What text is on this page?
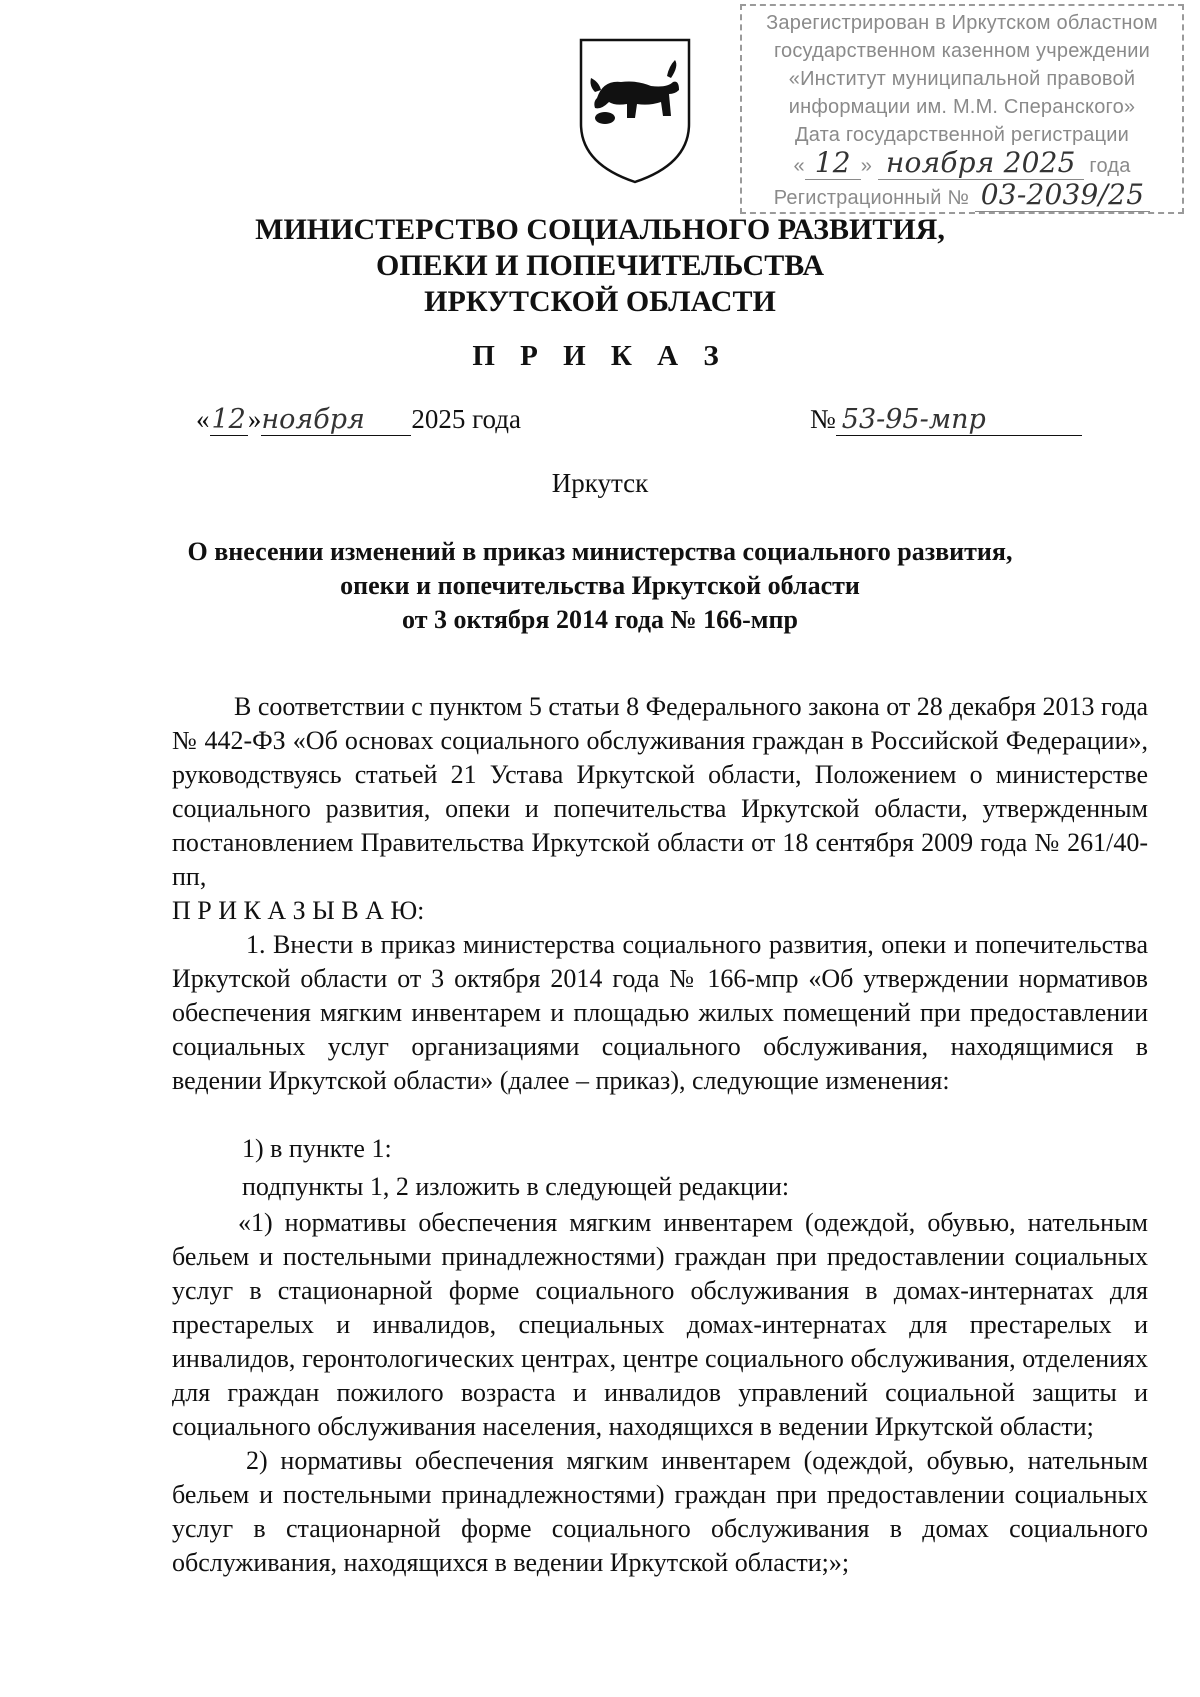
Зарегистрирован в Иркутском областном
государственном казенном учреждении
«Институт муниципальной правовой
информации им. М.М. Сперанского»
Дата государственной регистрации
« 12 » ноября 2025 года
Регистрационный № 03-2039/25
МИНИСТЕРСТВО СОЦИАЛЬНОГО РАЗВИТИЯ,
ОПЕКИ И ПОПЕЧИТЕЛЬСТВА
ИРКУТСКОЙ ОБЛАСТИ
П Р И К А З
«12»ноября 2025 года	№ 53-95-мпр
Иркутск
О внесении изменений в приказ министерства социального развития,
опеки и попечительства Иркутской области
от 3 октября 2014 года № 166-мпр

В соответствии с пунктом 5 статьи 8 Федерального закона от 28 декабря 2013 года № 442-ФЗ «Об основах социального обслуживания граждан в Российской Федерации», руководствуясь статьей 21 Устава Иркутской области, Положением о министерстве социального развития, опеки и попечительства Иркутской области, утвержденным постановлением Правительства Иркутской области от 18 сентября 2009 года № 261/40-пп,

П Р И К А З Ы В А Ю:

1. Внести в приказ министерства социального развития, опеки и попечительства Иркутской области от 3 октября 2014 года № 166-мпр «Об утверждении нормативов обеспечения мягким инвентарем и площадью жилых помещений при предоставлении социальных услуг организациями социального обслуживания, находящимися в ведении Иркутской области» (далее – приказ), следующие изменения:

1) в пункте 1:

подпункты 1, 2 изложить в следующей редакции:

«1) нормативы обеспечения мягким инвентарем (одеждой, обувью, нательным бельем и постельными принадлежностями) граждан при предоставлении социальных услуг в стационарной форме социального обслуживания в домах-интернатах для престарелых и инвалидов, специальных домах-интернатах для престарелых и инвалидов, геронтологических центрах, центре социального обслуживания, отделениях для граждан пожилого возраста и инвалидов управлений социальной защиты и социального обслуживания населения, находящихся в ведении Иркутской области;

2) нормативы обеспечения мягким инвентарем (одеждой, обувью, нательным бельем и постельными принадлежностями) граждан при предоставлении социальных услуг в стационарной форме социального обслуживания в домах социального обслуживания, находящихся в ведении Иркутской области;»;
